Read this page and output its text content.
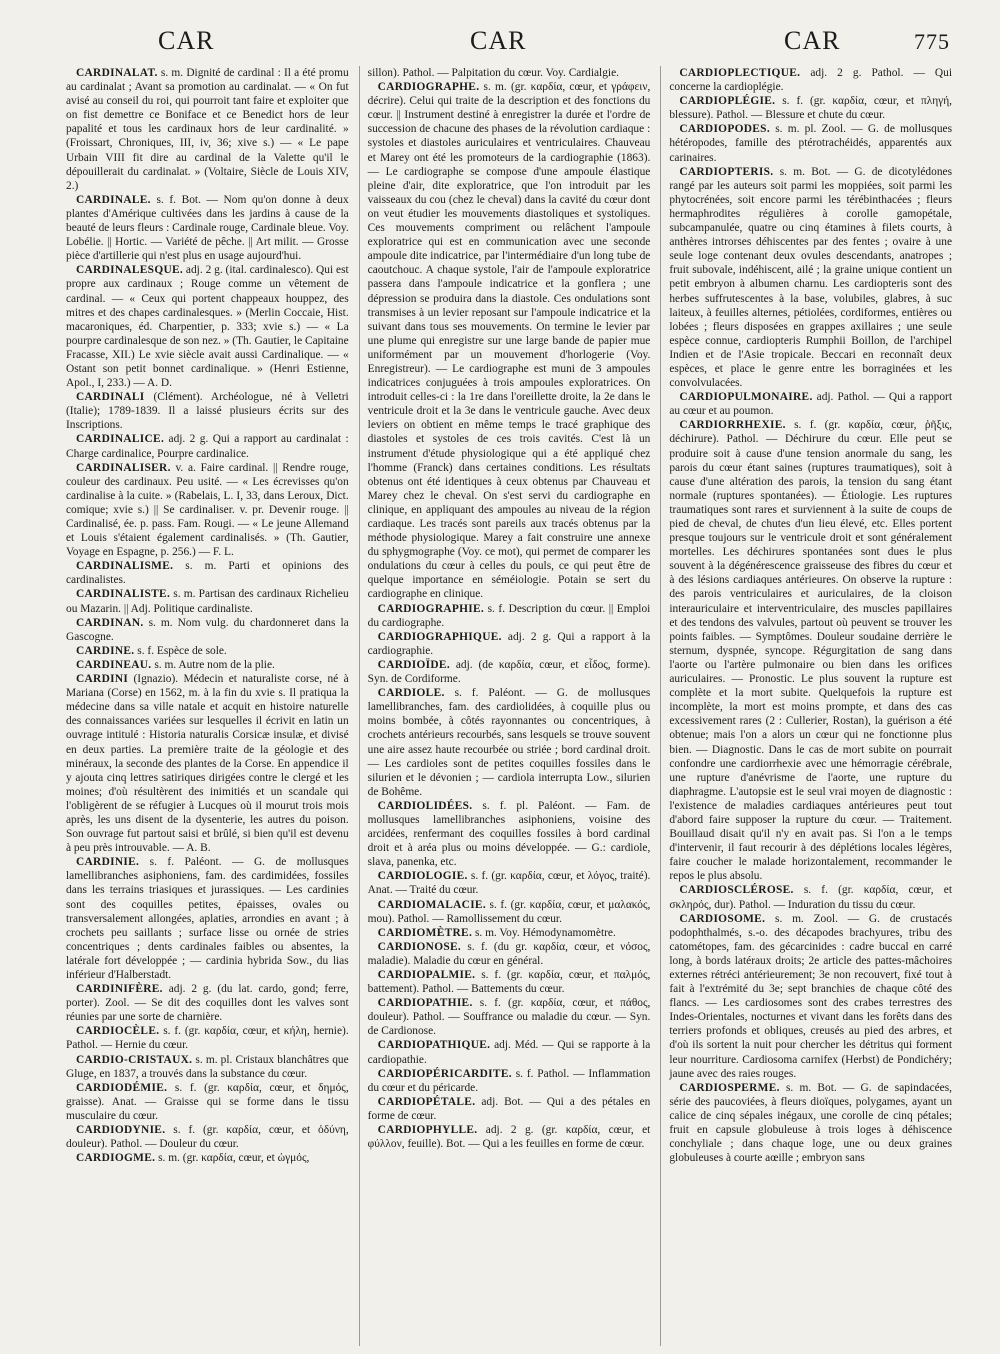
CAR	CAR	CAR	775

CARDINALAT. s. m. Dignité de cardinal : Il a été promu au cardinalat ; Avant sa promotion au cardinalat. — « On fut avisé au conseil du roi, qui pourroit tant faire et exploiter que on fist demettre ce Boniface et ce Benedict hors de leur papalité et tous les cardinaux hors de leur cardinalité. » (Froissart, Chroniques, III, iv, 36; xive s.) — « Le pape Urbain VIII fit dire au cardinal de la Valette qu'il le dépouillerait du cardinalat. » (Voltaire, Siècle de Louis XIV, 2.)

CARDINALE. s. f. Bot. — Nom qu'on donne à deux plantes d'Amérique cultivées dans les jardins à cause de la beauté de leurs fleurs : Cardinale rouge, Cardinale bleue. Voy. Lobélie. || Hortic. — Variété de pêche. || Art milit. — Grosse pièce d'artillerie qui n'est plus en usage aujourd'hui.

CARDINALESQUE. adj. 2 g. (ital. cardinalesco). Qui est propre aux cardinaux ; Rouge comme un vêtement de cardinal. — « Ceux qui portent chappeaux houppez, des mitres et des chapes cardinalesques. » (Merlin Coccaie, Hist. macaroniques, éd. Charpentier, p. 333; xvie s.) — « La pourpre cardinalesque de son nez. » (Th. Gautier, le Capitaine Fracasse, XII.) Le xvie siècle avait aussi Cardinalique. — « Ostant son petit bonnet cardinalique. » (Henri Estienne, Apol., I, 233.) — A. D.

CARDINALI (Clément). Archéologue, né à Velletri (Italie); 1789-1839. Il a laissé plusieurs écrits sur des Inscriptions.

CARDINALICE. adj. 2 g. Qui a rapport au cardinalat : Charge cardinalice, Pourpre cardinalice.

CARDINALISER. v. a. Faire cardinal. || Rendre rouge, couleur des cardinaux. Peu usité. — « Les écrevisses qu'on cardinalise à la cuite. » (Rabelais, L. I, 33, dans Leroux, Dict. comique; xvie s.) || Se cardinaliser. v. pr. Devenir rouge. || Cardinalisé, ée. p. pass. Fam. Rougi. — « Le jeune Allemand et Louis s'étaient également cardinalisés. » (Th. Gautier, Voyage en Espagne, p. 256.) — F. L.

CARDINALISME. s. m. Parti et opinions des cardinalistes.

CARDINALISTE. s. m. Partisan des cardinaux Richelieu ou Mazarin. || Adj. Politique cardinaliste.

CARDINAN. s. m. Nom vulg. du chardonneret dans la Gascogne.

CARDINE. s. f. Espèce de sole.

CARDINEAU. s. m. Autre nom de la plie.

CARDINI (Ignazio). Médecin et naturaliste corse, né à Mariana (Corse) en 1562, m. à la fin du xvie s. Il pratiqua la médecine dans sa ville natale et acquit en histoire naturelle des connaissances variées sur lesquelles il écrivit en latin un ouvrage intitulé : Historia naturalis Corsicæ insulæ, et divisé en deux parties. La première traite de la géologie et des minéraux, la seconde des plantes de la Corse. En appendice il y ajouta cinq lettres satiriques dirigées contre le clergé et les moines; d'où résultèrent des inimitiés et un scandale qui l'obligèrent de se réfugier à Lucques où il mourut trois mois après, les uns disent de la dysenterie, les autres du poison. Son ouvrage fut partout saisi et brûlé, si bien qu'il est devenu à peu près introuvable. — A. B.

CARDINIE. s. f. Paléont. — G. de mollusques lamellibranches asiphoniens, fam. des cardimidées, fossiles dans les terrains triasiques et jurassiques. — Les cardinies sont des coquilles petites, épaisses, ovales ou transversalement allongées, aplaties, arrondies en avant ; à crochets peu saillants ; surface lisse ou ornée de stries concentriques ; dents cardinales faibles ou absentes, la latérale fort développée ; — cardinia hybrida Sow., du lias inférieur d'Halberstadt.

CARDINIFÈRE. adj. 2 g. (du lat. cardo, gond; ferre, porter). Zool. — Se dit des coquilles dont les valves sont réunies par une sorte de charnière.

CARDIOCÈLE. s. f. (gr. καρδία, cœur, et κήλη, hernie). Pathol. — Hernie du cœur.

CARDIO-CRISTAUX. s. m. pl. Cristaux blanchâtres que Gluge, en 1837, a trouvés dans la substance du cœur.

CARDIODÉMIE. s. f. (gr. καρδία, cœur, et δημός, graisse). Anat. — Graisse qui se forme dans le tissu musculaire du cœur.

CARDIODYNIE. s. f. (gr. καρδία, cœur, et ὀδύνη, douleur). Pathol. — Douleur du cœur.

CARDIOGME. s. m. (gr. καρδία, cœur, et ὠγμός,

sillon). Pathol. — Palpitation du cœur. Voy. Cardialgie.

CARDIOGRAPHE. s. m. (gr. καρδία, cœur, et γράφειν, décrire). Celui qui traite de la description et des fonctions du cœur. || Instrument destiné à enregistrer la durée et l'ordre de succession de chacune des phases de la révolution cardiaque : systoles et diastoles auriculaires et ventriculaires. Chauveau et Marey ont été les promoteurs de la cardiographie (1863). — Le cardiographe se compose d'une ampoule élastique pleine d'air, dite exploratrice, que l'on introduit par les vaisseaux du cou (chez le cheval) dans la cavité du cœur dont on veut étudier les mouvements diastoliques et systoliques. Ces mouvements compriment ou relâchent l'ampoule exploratrice qui est en communication avec une seconde ampoule dite indicatrice, par l'intermédiaire d'un long tube de caoutchouc. A chaque systole, l'air de l'ampoule exploratrice passera dans l'ampoule indicatrice et la gonflera ; une dépression se produira dans la diastole. Ces ondulations sont transmises à un levier reposant sur l'ampoule indicatrice et la suivant dans tous ses mouvements. On termine le levier par une plume qui enregistre sur une large bande de papier mue uniformément par un mouvement d'horlogerie (Voy. Enregistreur). — Le cardiographe est muni de 3 ampoules indicatrices conjuguées à trois ampoules exploratrices. On introduit celles-ci : la 1re dans l'oreillette droite, la 2e dans le ventricule droit et la 3e dans le ventricule gauche. Avec deux leviers on obtient en même temps le tracé graphique des diastoles et systoles de ces trois cavités. C'est là un instrument d'étude physiologique qui a été appliqué chez l'homme (Franck) dans certaines conditions. Les résultats obtenus ont été identiques à ceux obtenus par Chauveau et Marey chez le cheval. On s'est servi du cardiographe en clinique, en appliquant des ampoules au niveau de la région cardiaque. Les tracés sont pareils aux tracés obtenus par la méthode physiologique. Marey a fait construire une annexe du sphygmographe (Voy. ce mot), qui permet de comparer les ondulations du cœur à celles du pouls, ce qui peut être de quelque importance en séméiologie. Potain se sert du cardiographe en clinique.

CARDIOGRAPHIE. s. f. Description du cœur. || Emploi du cardiographe.

CARDIOGRAPHIQUE. adj. 2 g. Qui a rapport à la cardiographie.

CARDIOÏDE. adj. (de καρδία, cœur, et εἶδος, forme). Syn. de Cordiforme.

CARDIOLE. s. f. Paléont. — G. de mollusques lamellibranches, fam. des cardiolidées, à coquille plus ou moins bombée, à côtés rayonnantes ou concentriques, à crochets antérieurs recourbés, sans lesquels se trouve souvent une aire assez haute recourbée ou striée ; bord cardinal droit. — Les cardioles sont de petites coquilles fossiles dans le silurien et le dévonien ; — cardiola interrupta Low., silurien de Bohême.

CARDIOLIDÉES. s. f. pl. Paléont. — Fam. de mollusques lamellibranches asiphoniens, voisine des arcidées, renfermant des coquilles fossiles à bord cardinal droit et à aréa plus ou moins développée. — G.: cardiole, slava, panenka, etc.

CARDIOLOGIE. s. f. (gr. καρδία, cœur, et λόγος, traité). Anat. — Traité du cœur.

CARDIOMALACIE. s. f. (gr. καρδία, cœur, et μαλακός, mou). Pathol. — Ramollissement du cœur.

CARDIOMÈTRE. s. m. Voy. Hémodynamomètre.

CARDIONOSE. s. f. (du gr. καρδία, cœur, et νόσος, maladie). Maladie du cœur en général.

CARDIOPALMIE. s. f. (gr. καρδία, cœur, et παλμός, battement). Pathol. — Battements du cœur.

CARDIOPATHIE. s. f. (gr. καρδία, cœur, et πάθος, douleur). Pathol. — Souffrance ou maladie du cœur. — Syn. de Cardionose.

CARDIOPATHIQUE. adj. Méd. — Qui se rapporte à la cardiopathie.

CARDIOPÉRICARDITE. s. f. Pathol. — Inflammation du cœur et du péricarde.

CARDIOPÉTALE. adj. Bot. — Qui a des pétales en forme de cœur.

CARDIOPHYLLE. adj. 2 g. (gr. καρδία, cœur, et φύλλον, feuille). Bot. — Qui a les feuilles en forme de cœur.

CARDIOPLECTIQUE. adj. 2 g. Pathol. — Qui concerne la cardioplégie.

CARDIOPLÉGIE. s. f. (gr. καρδία, cœur, et πληγή, blessure). Pathol. — Blessure et chute du cœur.

CARDIOPODES. s. m. pl. Zool. — G. de mollusques hétéropodes, famille des ptérotrachéidés, apparentés aux carinaires.

CARDIOPTERIS. s. m. Bot. — G. de dicotylédones rangé par les auteurs soit parmi les moppiées, soit parmi les phytocrénées, soit encore parmi les térébinthacées ; fleurs hermaphrodites régulières à corolle gamopétale, subcampanulée, quatre ou cinq étamines à filets courts, à anthères introrses déhiscentes par des fentes ; ovaire à une seule loge contenant deux ovules descendants, anatropes ; fruit subovale, indéhiscent, ailé ; la graine unique contient un petit embryon à albumen charnu. Les cardiopteris sont des herbes suffrutescentes à la base, volubiles, glabres, à suc laiteux, à feuilles alternes, pétiolées, cordiformes, entières ou lobées ; fleurs disposées en grappes axillaires ; une seule espèce connue, cardiopteris Rumphii Boillon, de l'archipel Indien et de l'Asie tropicale. Beccari en reconnaît deux espèces, et place le genre entre les borraginées et les convolvulacées.

CARDIOPULMONAIRE. adj. Pathol. — Qui a rapport au cœur et au poumon.

CARDIORRHEXIE. s. f. (gr. καρδία, cœur, ῥῆξις, déchirure). Pathol. — Déchirure du cœur. Elle peut se produire soit à cause d'une tension anormale du sang, les parois du cœur étant saines (ruptures traumatiques), soit à cause d'une altération des parois, la tension du sang étant normale (ruptures spontanées). — Étiologie. Les ruptures traumatiques sont rares et surviennent à la suite de coups de pied de cheval, de chutes d'un lieu élevé, etc. Elles portent presque toujours sur le ventricule droit et sont généralement mortelles. Les déchirures spontanées sont dues le plus souvent à la dégénérescence graisseuse des fibres du cœur et à des lésions cardiaques antérieures. On observe la rupture : des parois ventriculaires et auriculaires, de la cloison interauriculaire et interventriculaire, des muscles papillaires et des tendons des valvules, partout où peuvent se trouver les points faibles. — Symptômes. Douleur soudaine derrière le sternum, dyspnée, syncope. Régurgitation de sang dans l'aorte ou l'artère pulmonaire ou bien dans les orifices auriculaires. — Pronostic. Le plus souvent la rupture est complète et la mort subite. Quelquefois la rupture est incomplète, la mort est moins prompte, et dans des cas excessivement rares (2 : Cullerier, Rostan), la guérison a été obtenue; mais l'on a alors un cœur qui ne fonctionne plus bien. — Diagnostic. Dans le cas de mort subite on pourrait confondre une cardiorrhexie avec une hémorragie cérébrale, une rupture d'anévrisme de l'aorte, une rupture du diaphragme. L'autopsie est le seul vrai moyen de diagnostic : l'existence de maladies cardiaques antérieures peut tout d'abord faire supposer la rupture du cœur. — Traitement. Bouillaud disait qu'il n'y en avait pas. Si l'on a le temps d'intervenir, il faut recourir à des déplétions locales légères, faire coucher le malade horizontalement, recommander le repos le plus absolu.

CARDIOSCLÉROSE. s. f. (gr. καρδία, cœur, et σκληρός, dur). Pathol. — Induration du tissu du cœur.

CARDIOSOME. s. m. Zool. — G. de crustacés podophthalmés, s.-o. des décapodes brachyures, tribu des catométopes, fam. des gécarcinides : cadre buccal en carré long, à bords latéraux droits; 2e article des pattes-mâchoires externes rétréci antérieurement; 3e non recouvert, fixé tout à fait à l'extrémité du 3e; sept branchies de chaque côté des flancs. — Les cardiosomes sont des crabes terrestres des Indes-Orientales, nocturnes et vivant dans les forêts dans des terriers profonds et obliques, creusés au pied des arbres, et d'où ils sortent la nuit pour chercher les détritus qui forment leur nourriture. Cardiosoma carnifex (Herbst) de Pondichéry; jaune avec des raies rouges.

CARDIOSPERME. s. m. Bot. — G. de sapindacées, série des paucoviées, à fleurs dioïques, polygames, ayant un calice de cinq sépales inégaux, une corolle de cinq pétales; fruit en capsule globuleuse à trois loges à déhiscence conchyliale ; dans chaque loge, une ou deux graines globuleuses à courte aœille ; embryon sans
